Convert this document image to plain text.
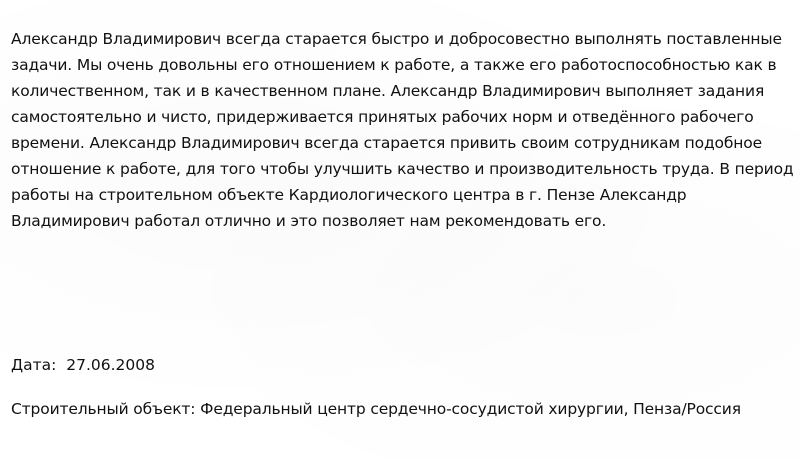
Александр Владимирович всегда старается быстро и добросовестно выполнять поставленные
задачи. Мы очень довольны его отношением к работе, а также его работоспособностью как в
количественном, так и в качественном плане. Александр Владимирович выполняет задания
самостоятельно и чисто, придерживается принятых рабочих норм и отведённого рабочего
времени. Александр Владимирович всегда старается привить своим сотрудникам подобное
отношение к работе, для того чтобы улучшить качество и производительность труда. В период
работы на строительном объекте Кардиологического центра в г. Пензе Александр
Владимирович работал отлично и это позволяет нам рекомендовать его.

Дата: 27.06.2008

Строительный объект: Федеральный центр сердечно-сосудистой хирургии, Пенза/Россия
